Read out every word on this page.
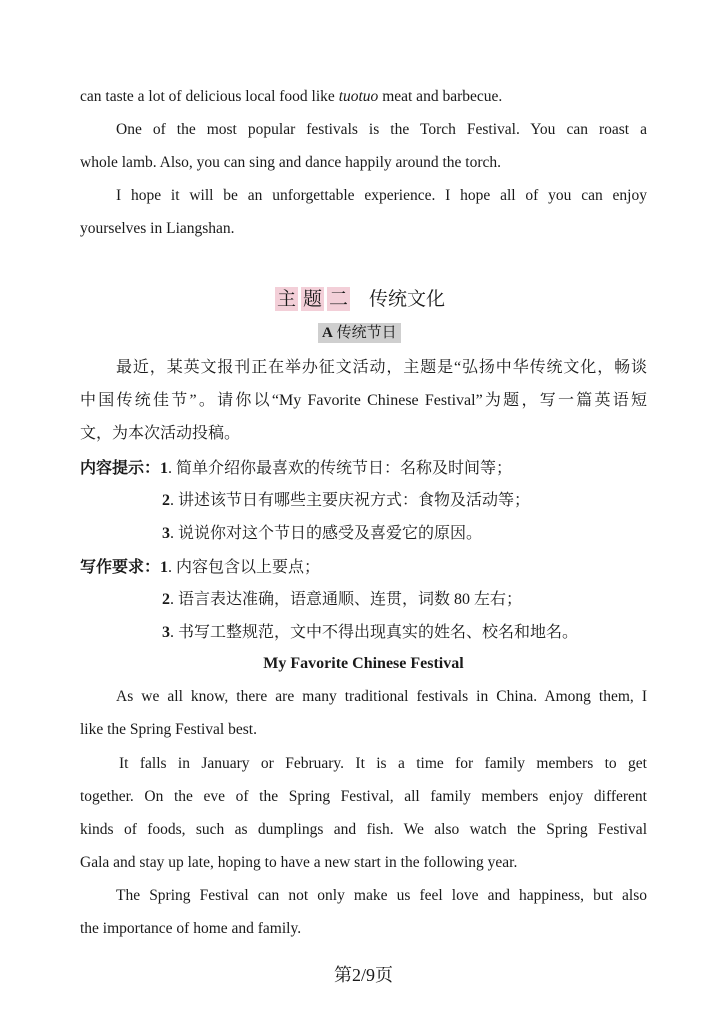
can taste a lot of delicious local food like tuotuo meat and barbecue.
One of the most popular festivals is the Torch Festival. You can roast a
whole lamb. Also, you can sing and dance happily around the torch.
I hope it will be an unforgettable experience. I hope all of you can enjoy
yourselves in Liangshan.
主 题 二 传统文化
A 传统节日
最近，某英文报刊正在举办征文活动，主题是“弘扬中华传统文化，畅谈
中国传统佳节”。请你以“My Favorite Chinese Festival”为题，写一篇英语短
文，为本次活动投稿。
内容提示： 1. 简单介绍你最喜欢的传统节日：名称及时间等；
2. 讲述该节日有哪些主要庆祝方式：食物及活动等；
3. 说说你对这个节日的感受及喜爱它的原因。
写作要求： 1. 内容包含以上要点；
2. 语言表达准确，语意通顺、连贯，词数 80 左右；
3. 书写工整规范，文中不得出现真实的姓名、校名和地名。
My Favorite Chinese Festival
As we all know, there are many traditional festivals in China. Among them, I
like the Spring Festival best.
It falls in January or February. It is a time for family members to get
together. On the eve of the Spring Festival, all family members enjoy different
kinds of foods, such as dumplings and fish. We also watch the Spring Festival
Gala and stay up late, hoping to have a new start in the following year.
The Spring Festival can not only make us feel love and happiness, but also
the importance of home and family.
第2/9页
